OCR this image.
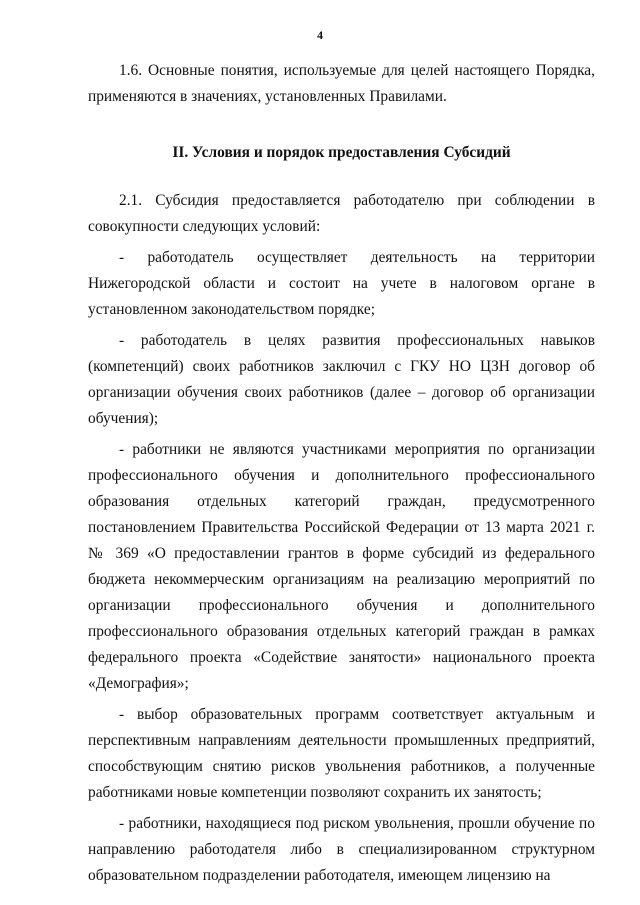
4

1.6. Основные понятия, используемые для целей настоящего Порядка, применяются в значениях, установленных Правилами.

II. Условия и порядок предоставления Субсидий

2.1. Субсидия предоставляется работодателю при соблюдении в совокупности следующих условий:

- работодатель осуществляет деятельность на территории Нижегородской области и состоит на учете в налоговом органе в установленном законодательством порядке;

- работодатель в целях развития профессиональных навыков (компетенций) своих работников заключил с ГКУ НО ЦЗН договор об организации обучения своих работников (далее – договор об организации обучения);

- работники не являются участниками мероприятия по организации профессионального обучения и дополнительного профессионального образования отдельных категорий граждан, предусмотренного постановлением Правительства Российской Федерации от 13 марта 2021 г. № 369 «О предоставлении грантов в форме субсидий из федерального бюджета некоммерческим организациям на реализацию мероприятий по организации профессионального обучения и дополнительного профессионального образования отдельных категорий граждан в рамках федерального проекта «Содействие занятости» национального проекта «Демография»;

- выбор образовательных программ соответствует актуальным и перспективным направлениям деятельности промышленных предприятий, способствующим снятию рисков увольнения работников, а полученные работниками новые компетенции позволяют сохранить их занятость;

- работники, находящиеся под риском увольнения, прошли обучение по направлению работодателя либо в специализированном структурном образовательном подразделении работодателя, имеющем лицензию на
